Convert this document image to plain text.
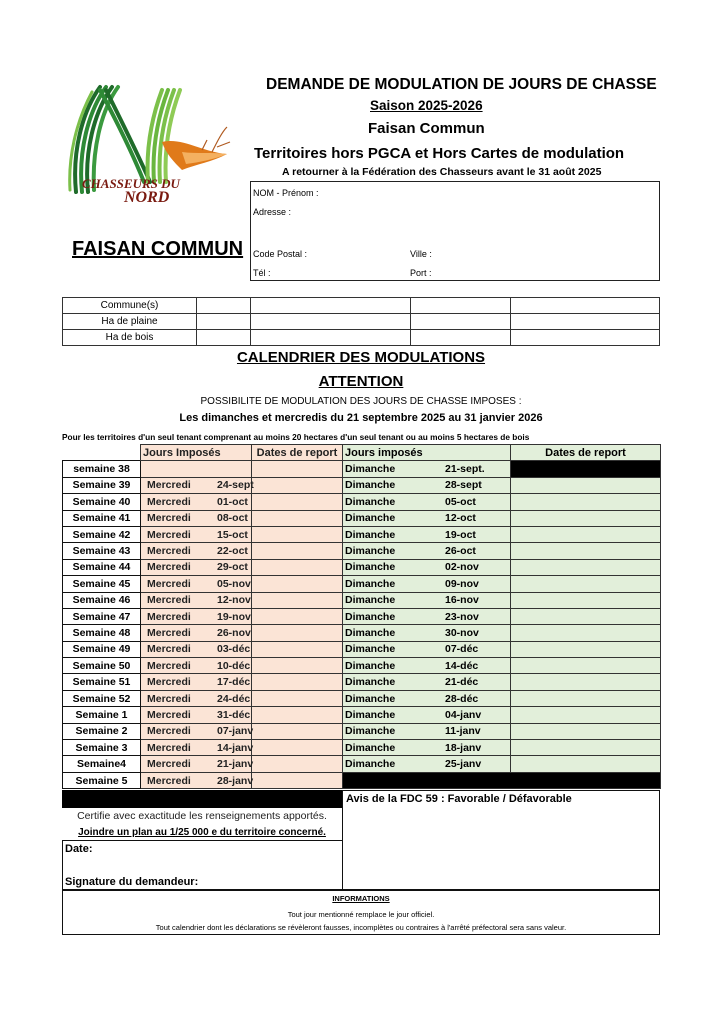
CHASSEURS DU
NORD
DEMANDE DE MODULATION DE JOURS DE CHASSE
Saison 2025-2026
Faisan Commun
Territoires hors PGCA et Hors Cartes de modulation
A retourner à la Fédération des Chasseurs avant le 31 août 2025
FAISAN COMMUN
NOM - Prénom :
Adresse :
Code Postal :	Ville :
Tél :	Port :
Commune(s)				
Ha de plaine				
Ha de bois				
CALENDRIER DES MODULATIONS
ATTENTION
POSSIBILITE DE MODULATION DES JOURS DE CHASSE IMPOSES :
Les dimanches et mercredis du 21 septembre 2025 au 31 janvier 2026
Pour les territoires d'un seul tenant comprenant au moins 20 hectares d'un seul tenant ou au moins 5 hectares de bois
	Jours Imposés	Dates de report	Jours imposés	Dates de report
semaine 38			Dimanche 21-sept.	
Semaine 39	Mercredi 24-sept		Dimanche 28-sept	
Semaine 40	Mercredi 01-oct		Dimanche 05-oct	
Semaine 41	Mercredi 08-oct		Dimanche 12-oct	
Semaine 42	Mercredi 15-oct		Dimanche 19-oct	
Semaine 43	Mercredi 22-oct		Dimanche 26-oct	
Semaine 44	Mercredi 29-oct		Dimanche 02-nov	
Semaine 45	Mercredi 05-nov		Dimanche 09-nov	
Semaine 46	Mercredi 12-nov		Dimanche 16-nov	
Semaine 47	Mercredi 19-nov		Dimanche 23-nov	
Semaine 48	Mercredi 26-nov		Dimanche 30-nov	
Semaine 49	Mercredi 03-déc		Dimanche 07-déc	
Semaine 50	Mercredi 10-déc		Dimanche 14-déc	
Semaine 51	Mercredi 17-déc		Dimanche 21-déc	
Semaine 52	Mercredi 24-déc		Dimanche 28-déc	
Semaine 1	Mercredi 31-déc		Dimanche 04-janv	
Semaine 2	Mercredi 07-janv		Dimanche 11-janv	
Semaine 3	Mercredi 14-janv		Dimanche 18-janv	
Semaine4	Mercredi 21-janv		Dimanche 25-janv	
Semaine 5	Mercredi 28-janv			
Avis de la FDC 59 : Favorable / Défavorable
Certifie avec exactitude les renseignements apportés.
Joindre un plan au 1/25 000 e du territoire concerné.
Date:
Signature du demandeur:
INFORMATIONS
Tout jour mentionné remplace le jour officiel.
Tout calendrier dont les déclarations se révèleront fausses, incomplètes ou contraires à l'arrêté préfectoral sera sans valeur.
